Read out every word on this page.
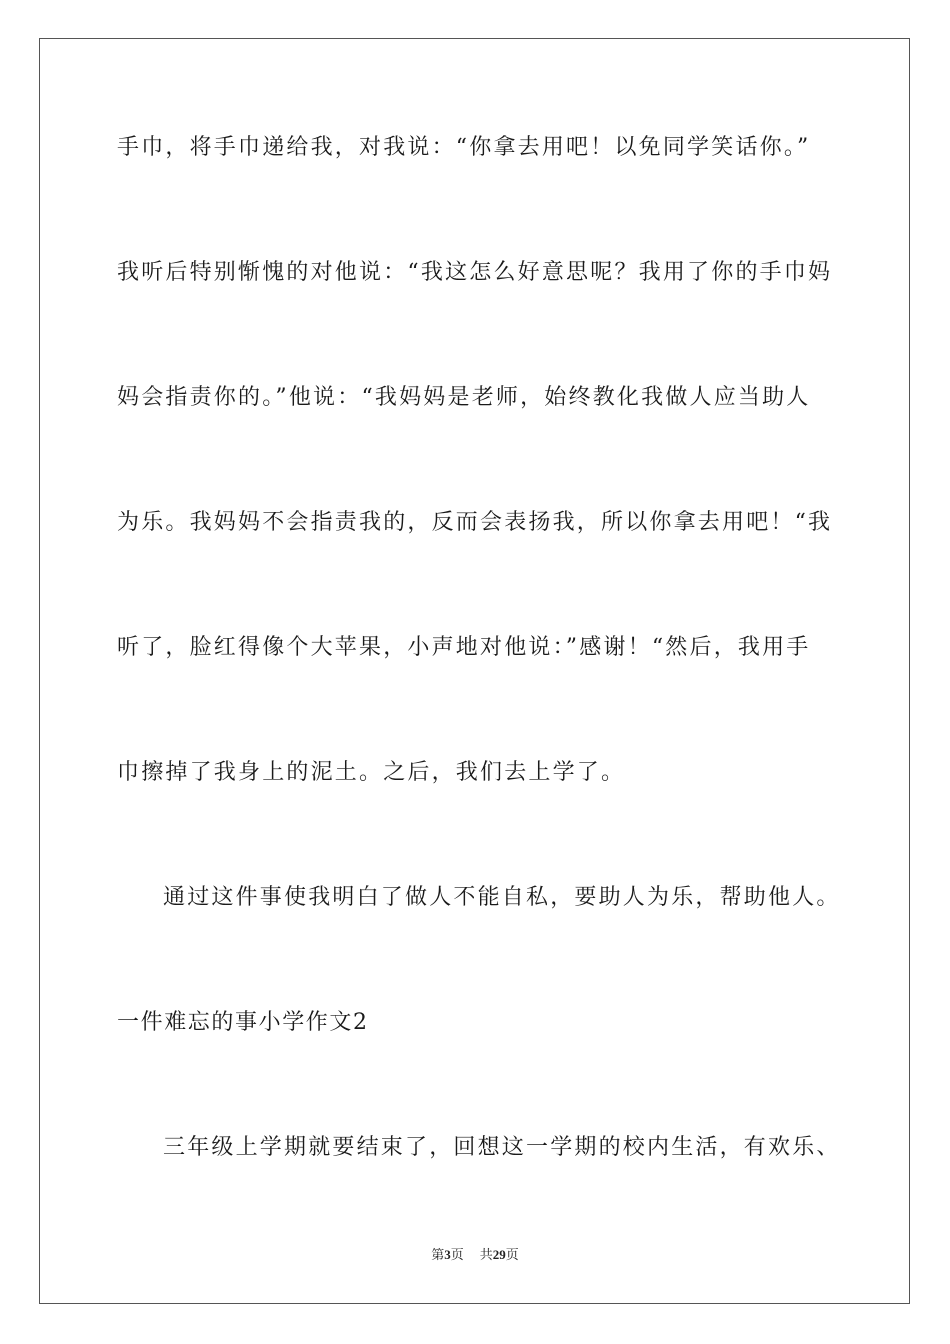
手巾，将手巾递给我，对我说：“你拿去用吧！以免同学笑话你。”
我听后特别惭愧的对他说：“我这怎么好意思呢？我用了你的手巾妈
妈会指责你的。”他说：“我妈妈是老师，始终教化我做人应当助人
为乐。我妈妈不会指责我的，反而会表扬我，所以你拿去用吧！“我
听了，脸红得像个大苹果，小声地对他说：”感谢！“然后，我用手
巾擦掉了我身上的泥土。之后，我们去上学了。
通过这件事使我明白了做人不能自私，要助人为乐，帮助他人。
一件难忘的事小学作文2
三年级上学期就要结束了，回想这一学期的校内生活，有欢乐、
第3页 共29页
